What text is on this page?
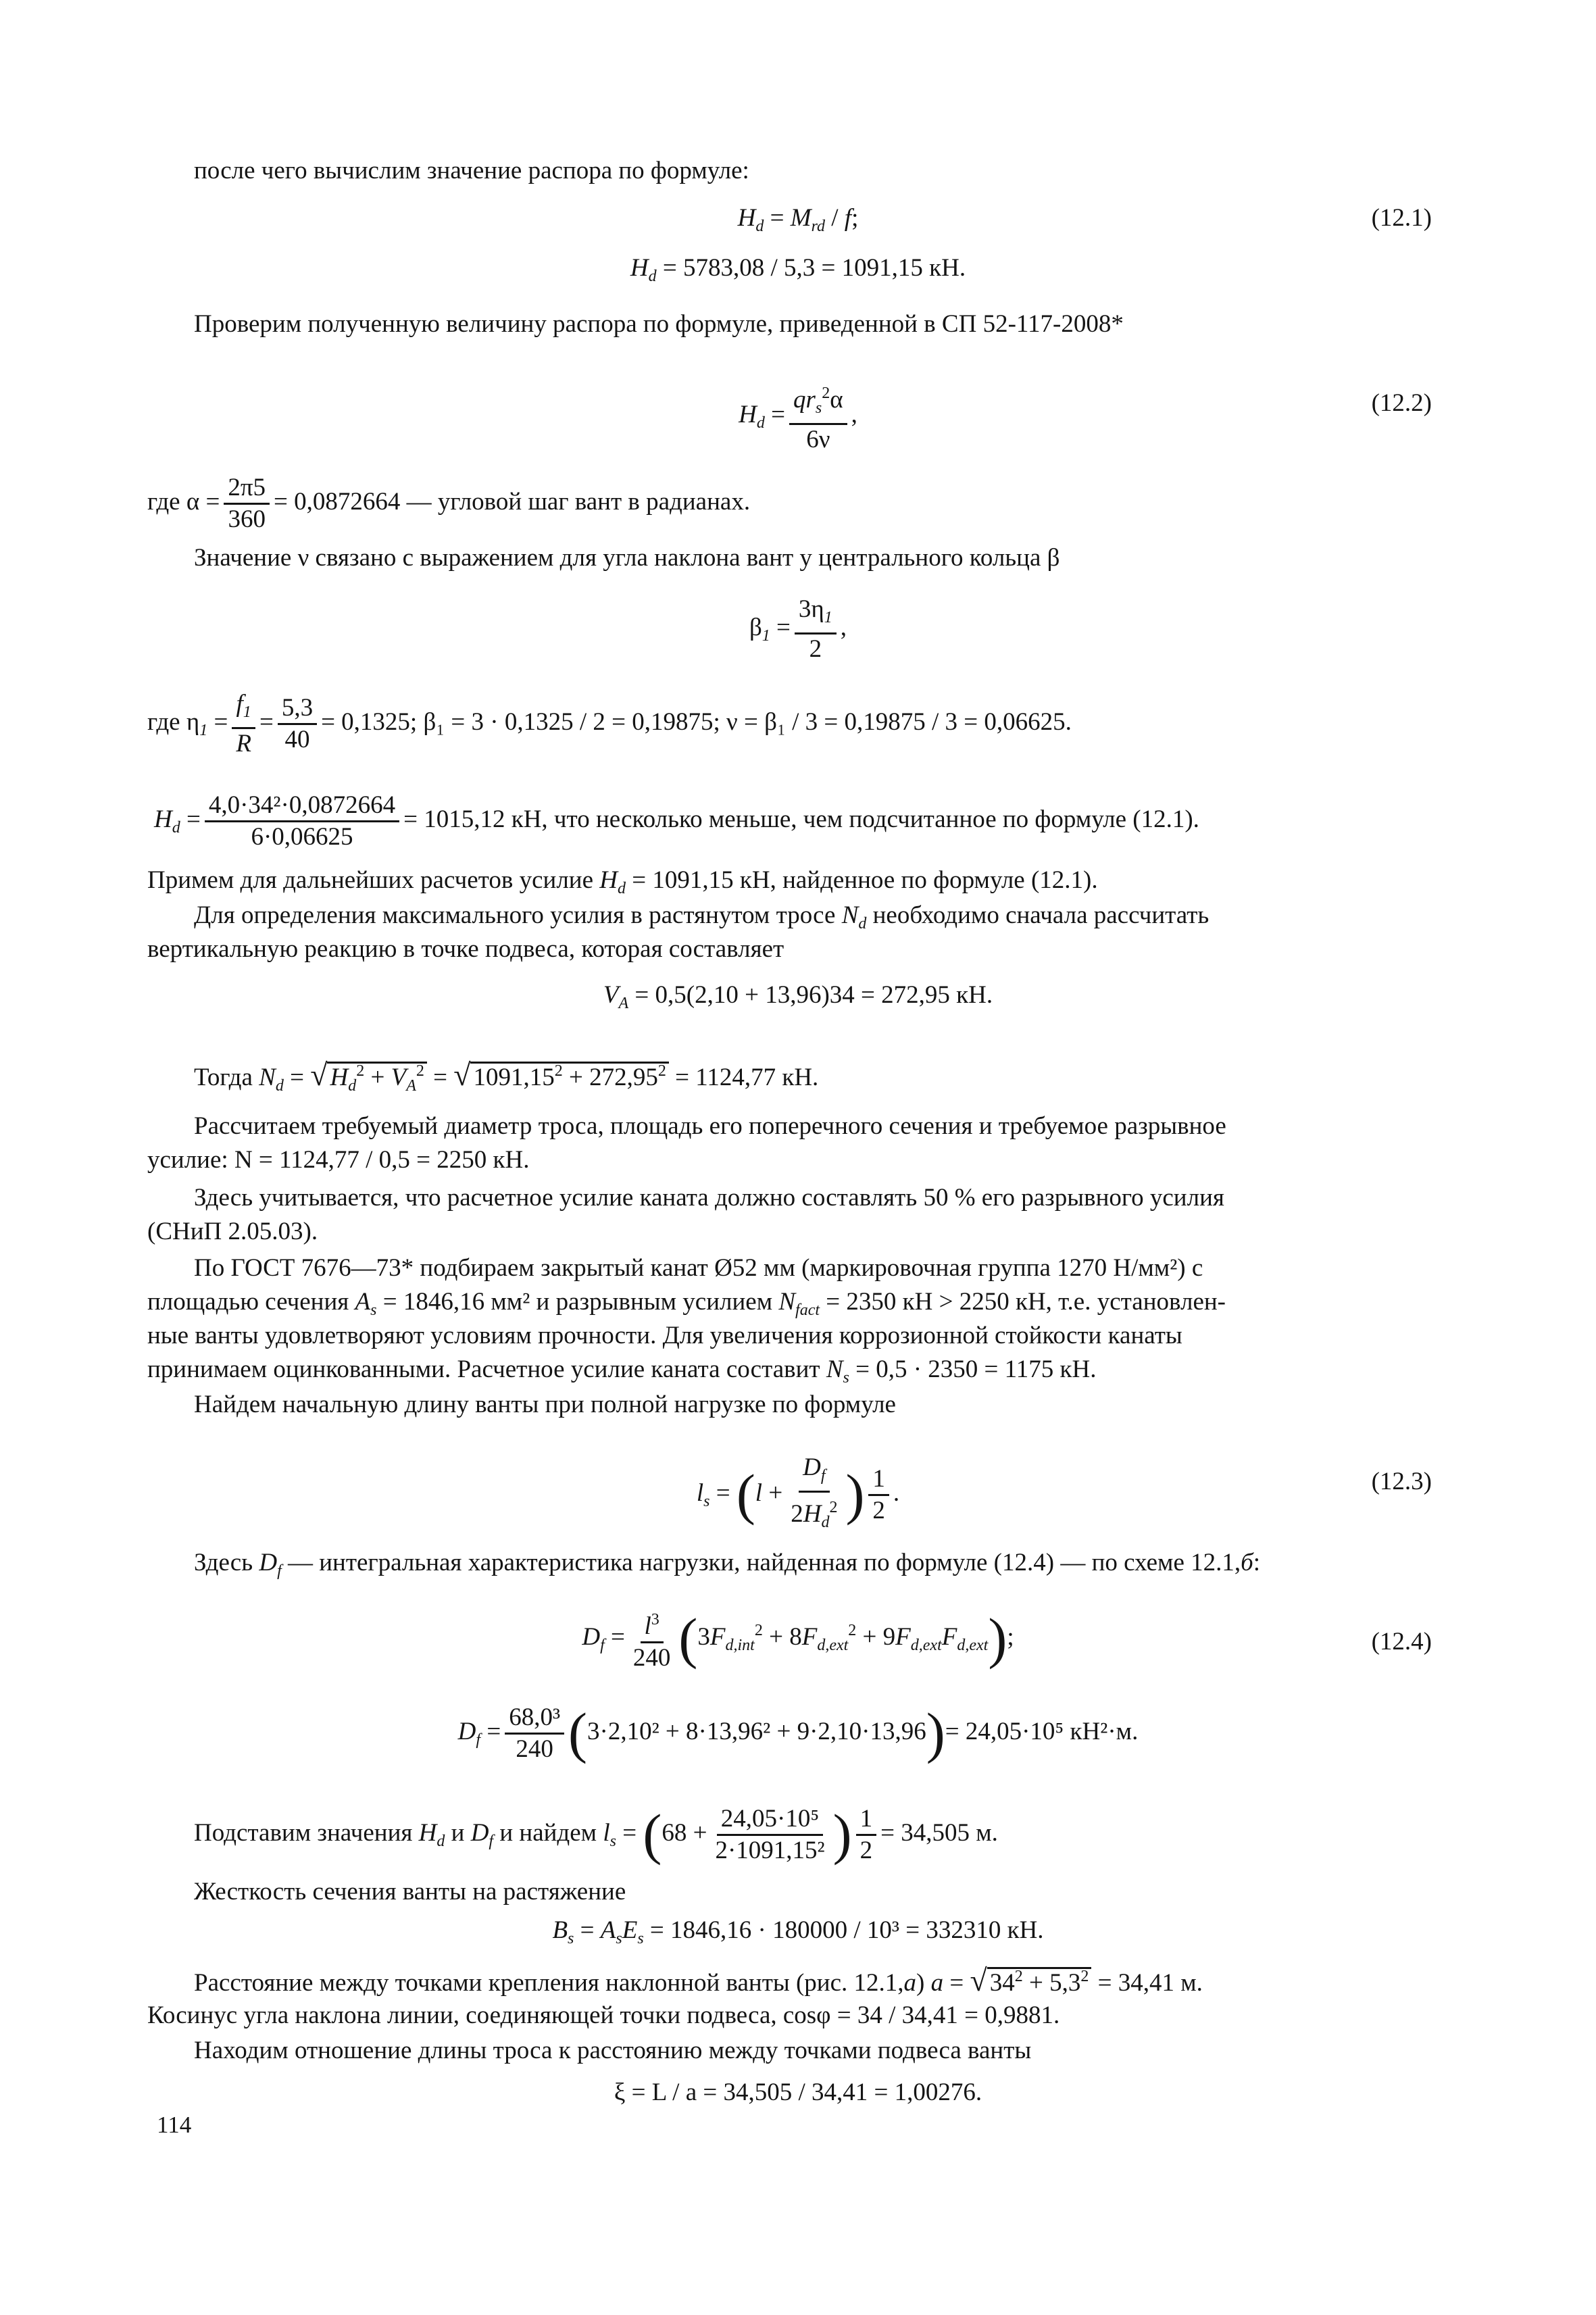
после чего вычислим значение распора по формуле:
$H_d = M_{rd} / f$;	(12.1)
$H_d = 5783,08 / 5,3 = 1091,15$ кН.
Проверим полученную величину распора по формуле, приведенной в СП 52-117-2008*
$H_d$ =
$qr_s^2\alpha$
6ν
,	(12.2)
где $\alpha = \frac{2\pi 5}{360} = 0,0872664$ — угловой шаг вант в радианах.
Значение ν связано с выражением для угла наклона вант у центрального кольца β
$\beta_1 = \frac{3\eta_1}{2}$ ,
где $\eta_1 = \frac{f_1}{R} = \frac{5,3}{40} = 0,1325$; β₁ = 3 · 0,1325 / 2 = 0,19875; ν = β₁ / 3 = 0,19875 / 3 = 0,06625.
$H_d = \frac{\text{4,0·34²·0,0872664}}{6\cdot 0,06625} = 1015,12$ кН, что несколько меньше, чем подсчитанное по формуле (12.1).
Примем для дальнейших расчетов усилие $H_d = 1091,15$ кН, найденное по формуле (12.1).
Для определения максимального усилия в растянутом тросе $N_d$ необходимо сначала рассчитать
вертикальную реакцию в точке подвеса, которая составляет
$V_A = 0,5(2,10 + 13,96)34 = 272,95$ кН.
Тогда $N_d$ = √ $H_d^2 + V_A^2$ = √ $1091,15^2 + 272,95^2 = 1124,77$ кН.
Рассчитаем требуемый диаметр троса, площадь его поперечного сечения и требуемое разрывное
усилие: N = 1124,77 / 0,5 = 2250 кН.
Здесь учитывается, что расчетное усилие каната должно составлять 50 % его разрывного усилия
(СНиП 2.05.03).
По ГОСТ 7676—73* подбираем закрытый канат Ø52 мм (маркировочная группа 1270 Н/мм²) с
площадью сечения $A_s = 1846,16$ мм² и разрывным усилием $N_{fact} = 2350$ кН > 2250 кН, т.е. установлен-
ные ванты удовлетворяют условиям прочности. Для увеличения коррозионной стойкости канаты
принимаем оцинкованными. Расчетное усилие каната составит $N_s = 0,5 \cdot 2350 = 1175$ кН.
Найдем начальную длину ванты при полной нагрузке по формуле
$l_s = (l + \frac{D_f}{2H_d^2}$ ) $\frac{1}{2}$ .	(12.3)
Здесь $D_f$ — интегральная характеристика нагрузки, найденная по формуле (12.4) — по схеме 12.1,б:
$D_f = \frac{l^3}{240} (3F_{d,int}^2 + 8F_{d,ext}^2 + 9F_{d,ext}F_{d,ext})$;	(12.4)
$D_f = \frac{\text{68,0³}}{240} (3\cdot 2,10^2 + 8\cdot 13,96^2 + 9\cdot 2,10\cdot 13,96)= 24,05\cdot 10^5$ кН²·м.
Подставим значения $H_d$ и $D_f$ и найдем $l_s = (68 + \frac{\text{24,05·10⁵}}{\text{2·1091,15²}}$ ) $\frac{1}{2} = 34,505$ м.
Жесткость сечения ванты на растяжение
$B_s = A_sE_s = 1846,16 \cdot 180000 / 10^3 = 332310$ кН.
Расстояние между точками крепления наклонной ванты (рис. 12.1,a) a = √ $34^2 + 5,3^2 = 34,41$ м.
Косинус угла наклона линии, соединяющей точки подвеса, cosφ = 34 / 34,41 = 0,9881.
Находим отношение длины троса к расстоянию между точками подвеса ванты
ξ = L / a = 34,505 / 34,41 = 1,00276.
114
